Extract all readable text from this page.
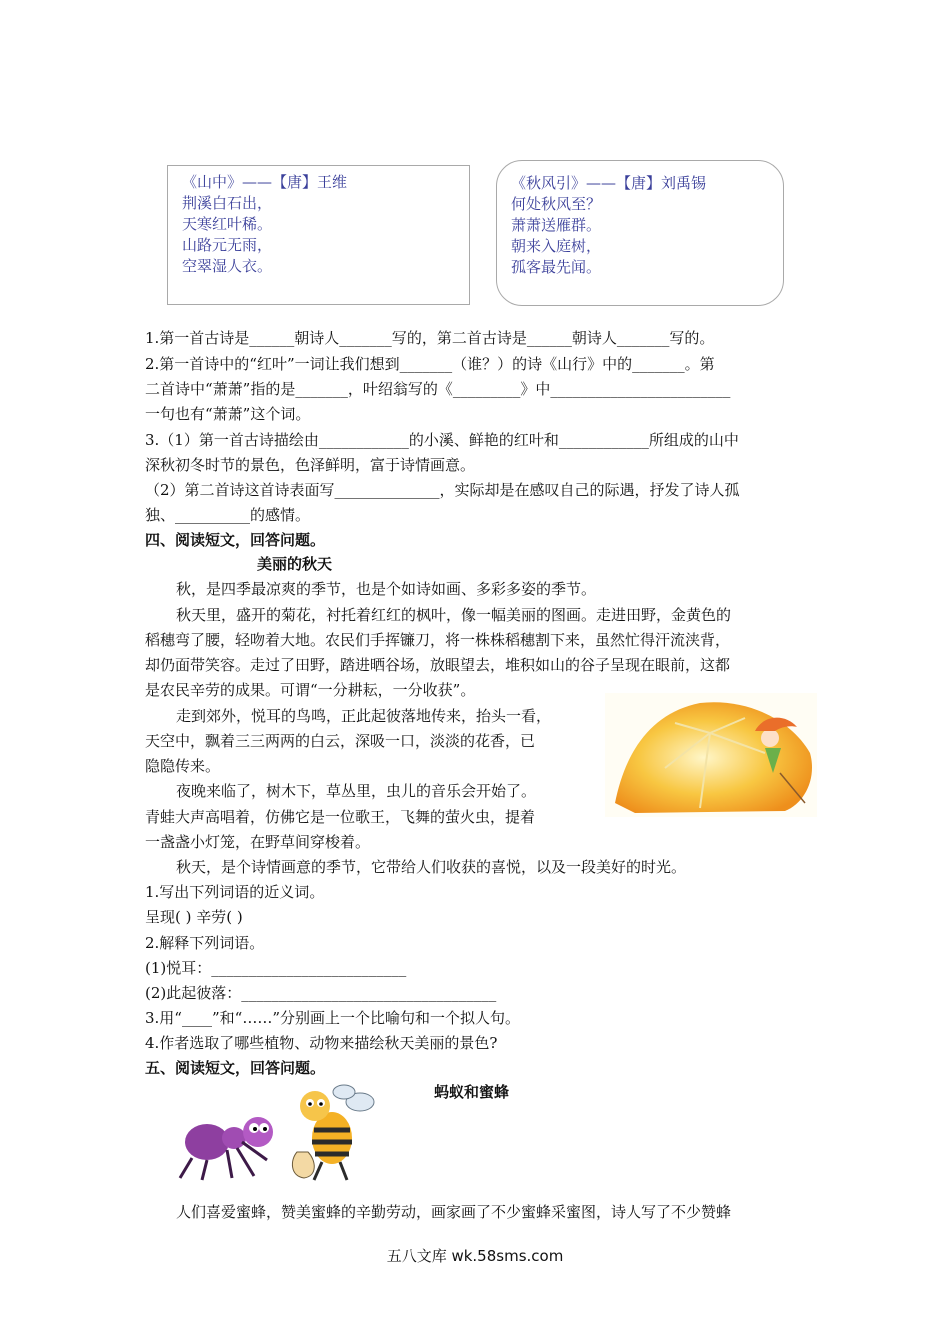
《山中》——【唐】王维
荆溪白石出，
天寒红叶稀。
山路元无雨，
空翠湿人衣。
《秋风引》——【唐】刘禹锡
何处秋风至？
萧萧送雁群。
朝来入庭树，
孤客最先闻。
1.第一首古诗是______朝诗人_______写的，第二首古诗是______朝诗人_______写的。
2.第一首诗中的“红叶”一词让我们想到_______（谁？）的诗《山行》中的_______。第
二首诗中“萧萧”指的是_______，叶绍翁写的《_________》中________________________
一句也有“萧萧”这个词。
3.（1）第一首古诗描绘由____________的小溪、鲜艳的红叶和____________所组成的山中
深秋初冬时节的景色，色泽鲜明，富于诗情画意。
（2）第二首诗这首诗表面写______________，实际却是在感叹自己的际遇，抒发了诗人孤
独、__________的感情。
四、阅读短文，回答问题。
美丽的秋天
秋，是四季最凉爽的季节，也是个如诗如画、多彩多姿的季节。
秋天里，盛开的菊花，衬托着红红的枫叶，像一幅美丽的图画。走进田野，金黄色的
稻穗弯了腰，轻吻着大地。农民们手挥镰刀，将一株株稻穗割下来，虽然忙得汗流浃背，
却仍面带笑容。走过了田野，踏进晒谷场，放眼望去，堆积如山的谷子呈现在眼前，这都
是农民辛劳的成果。可谓“一分耕耘，一分收获”。
走到郊外，悦耳的鸟鸣，正此起彼落地传来，抬头一看，
天空中，飘着三三两两的白云，深吸一口，淡淡的花香，已
隐隐传来。
夜晚来临了，树木下，草丛里，虫儿的音乐会开始了。
青蛙大声高唱着，仿佛它是一位歌王，飞舞的萤火虫，提着
一盏盏小灯笼，在野草间穿梭着。
秋天，是个诗情画意的季节，它带给人们收获的喜悦，以及一段美好的时光。
1.写出下列词语的近义词。
呈现( ) 辛劳( )
2.解释下列词语。
(1)悦耳：__________________________
(2)此起彼落：__________________________________
3.用“____”和“……”分别画上一个比喻句和一个拟人句。
4.作者选取了哪些植物、动物来描绘秋天美丽的景色?
五、阅读短文，回答问题。
蚂蚁和蜜蜂
人们喜爱蜜蜂，赞美蜜蜂的辛勤劳动，画家画了不少蜜蜂采蜜图，诗人写了不少赞蜂
五八文库 wk.58sms.com
